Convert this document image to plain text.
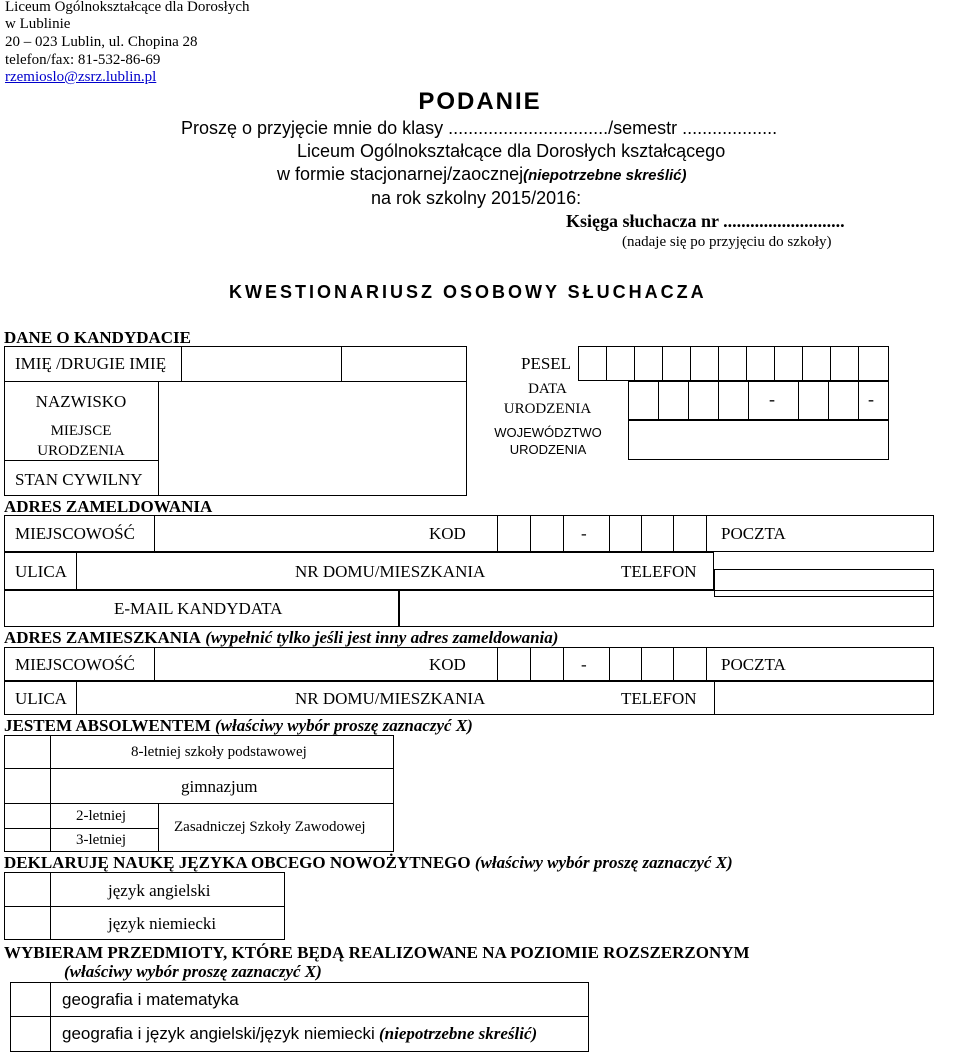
Liceum Ogólnokształcące dla Dorosłych
w Lublinie
20 – 023 Lublin, ul. Chopina 28
telefon/fax: 81-532-86-69
rzemioslo@zsrz.lublin.pl
PODANIE
Proszę o przyjęcie mnie do klasy ................................/semestr ...................
Liceum Ogólnokształcące dla Dorosłych kształcącego
w formie stacjonarnej/zaocznej(niepotrzebne skreślić)
na rok szkolny 2015/2016:
Księga słuchacza nr ...........................
(nadaje się po przyjęciu do szkoły)
KWESTIONARIUSZ OSOBOWY SŁUCHACZA
DANE O KANDYDACIE
IMIĘ /DRUGIE IMIĘ
NAZWISKO
MIEJSCE
URODZENIA
STAN CYWILNY
PESEL
DATA
URODZENIA	-	-
WOJEWÓDZTWO
URODZENIA
ADRES ZAMELDOWANIA
MIEJSCOWOŚĆ	KOD	-	POCZTA
ULICA	NR DOMU/MIESZKANIA	TELEFON
E-MAIL KANDYDATA
ADRES ZAMIESZKANIA (wypełnić tylko jeśli jest inny adres zameldowania)
MIEJSCOWOŚĆ	KOD	-	POCZTA
ULICA	NR DOMU/MIESZKANIA	TELEFON
JESTEM ABSOLWENTEM (właściwy wybór proszę zaznaczyć X)
8-letniej szkoły podstawowej
gimnazjum
2-letniej
3-letniej
Zasadniczej Szkoły Zawodowej
DEKLARUJĘ NAUKĘ JĘZYKA OBCEGO NOWOŻYTNEGO (właściwy wybór proszę zaznaczyć X)
język angielski
język niemiecki
WYBIERAM PRZEDMIOTY, KTÓRE BĘDĄ REALIZOWANE NA POZIOMIE ROZSZERZONYM
(właściwy wybór proszę zaznaczyć X)
geografia i matematyka
geografia i język angielski/język niemiecki (niepotrzebne skreślić)
